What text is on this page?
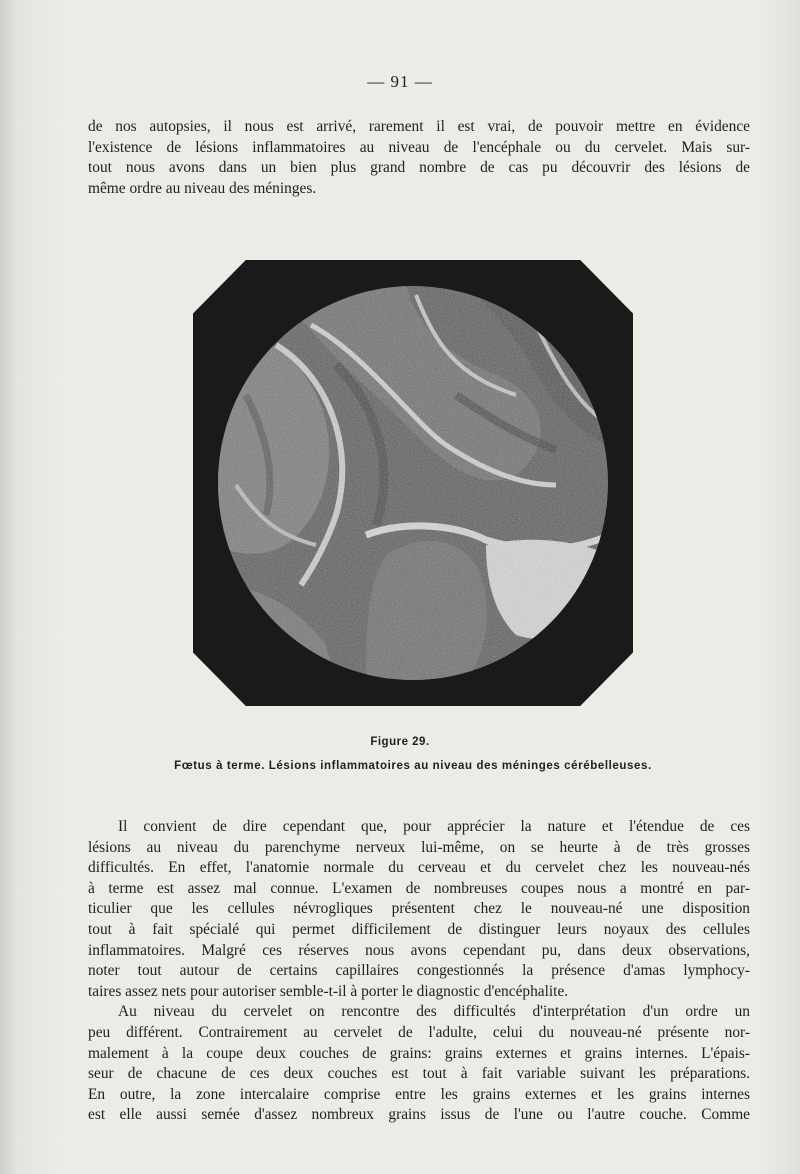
— 91 —
de nos autopsies, il nous est arrivé, rarement il est vrai, de pouvoir mettre en évidence
l'existence de lésions inflammatoires au niveau de l'encéphale ou du cervelet. Mais sur-
tout nous avons dans un bien plus grand nombre de cas pu découvrir des lésions de
même ordre au niveau des méninges.
Figure 29.
Fœtus à terme. Lésions inflammatoires au niveau des méninges cérébelleuses.
Il convient de dire cependant que, pour apprécier la nature et l'étendue de ces
lésions au niveau du parenchyme nerveux lui-même, on se heurte à de très grosses
difficultés. En effet, l'anatomie normale du cerveau et du cervelet chez les nouveau-nés
à terme est assez mal connue. L'examen de nombreuses coupes nous a montré en par-
ticulier que les cellules névrogliques présentent chez le nouveau-né une disposition
tout à fait spécialé qui permet difficilement de distinguer leurs noyaux des cellules
inflammatoires. Malgré ces réserves nous avons cependant pu, dans deux observations,
noter tout autour de certains capillaires congestionnés la présence d'amas lymphocy-
taires assez nets pour autoriser semble-t-il à porter le diagnostic d'encéphalite.
Au niveau du cervelet on rencontre des difficultés d'interprétation d'un ordre un
peu différent. Contrairement au cervelet de l'adulte, celui du nouveau-né présente nor-
malement à la coupe deux couches de grains: grains externes et grains internes. L'épais-
seur de chacune de ces deux couches est tout à fait variable suivant les préparations.
En outre, la zone intercalaire comprise entre les grains externes et les grains internes
est elle aussi semée d'assez nombreux grains issus de l'une ou l'autre couche. Comme
